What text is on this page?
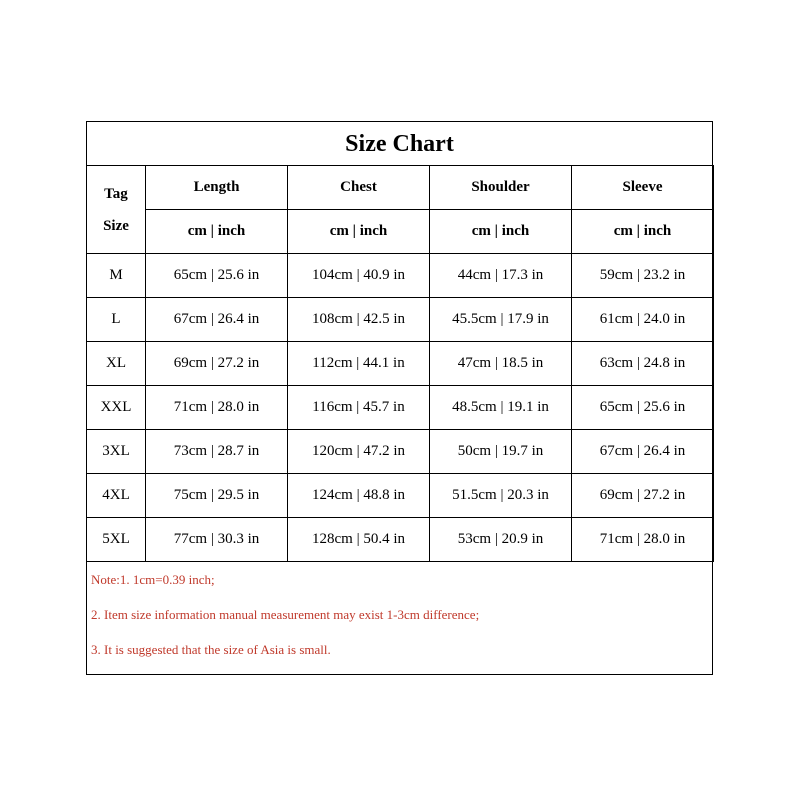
Size Chart
Tag
Size	Length	Chest	Shoulder	Sleeve
	cm | inch	cm | inch	cm | inch	cm | inch
M	65cm | 25.6 in	104cm | 40.9 in	44cm | 17.3 in	59cm | 23.2 in
L	67cm | 26.4 in	108cm | 42.5 in	45.5cm | 17.9 in	61cm | 24.0 in
XL	69cm | 27.2 in	112cm | 44.1 in	47cm | 18.5 in	63cm | 24.8 in
XXL	71cm | 28.0 in	116cm | 45.7 in	48.5cm | 19.1 in	65cm | 25.6 in
3XL	73cm | 28.7 in	120cm | 47.2 in	50cm | 19.7 in	67cm | 26.4 in
4XL	75cm | 29.5 in	124cm | 48.8 in	51.5cm | 20.3 in	69cm | 27.2 in
5XL	77cm | 30.3 in	128cm | 50.4 in	53cm | 20.9 in	71cm | 28.0 in
Note:1. 1cm=0.39 inch;
2. Item size information manual measurement may exist 1-3cm difference;
3. It is suggested that the size of Asia is small.
